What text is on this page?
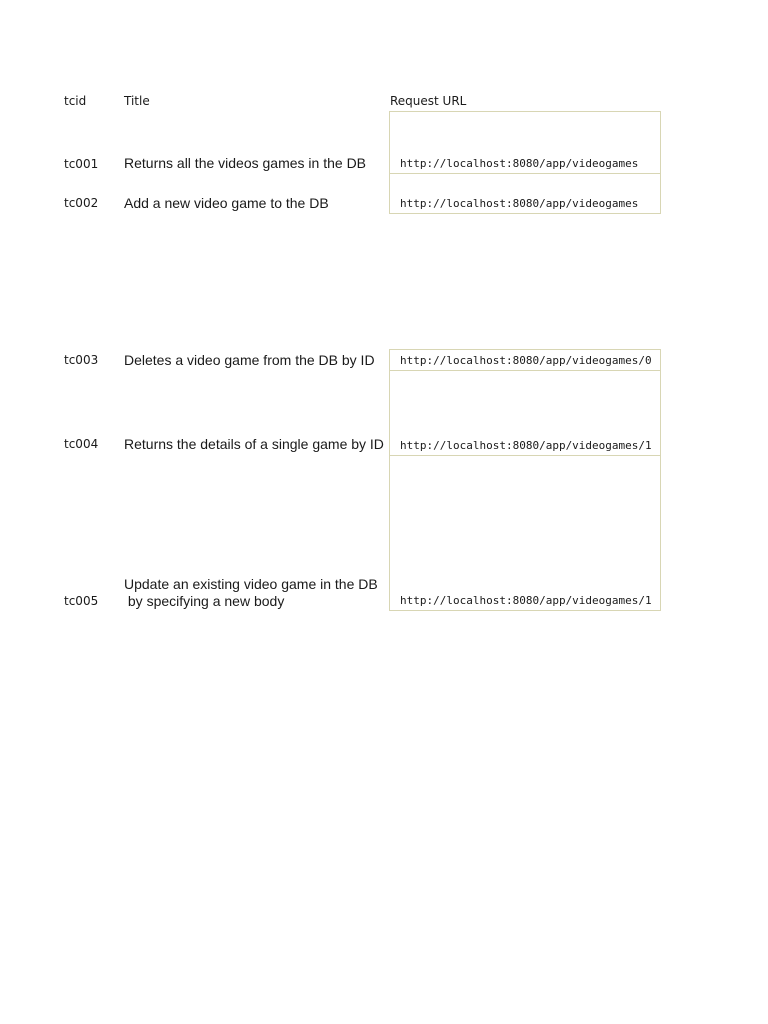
tcid	Title	Request URL
http://localhost:8080/app/videogames
tc001 Returns all the videos games in the DB
http://localhost:8080/app/videogames
tc002 Add a new video game to the DB
http://localhost:8080/app/videogames/0
tc003 Deletes a video game from the DB by ID
http://localhost:8080/app/videogames/1
tc004 Returns the details of a single game by ID
http://localhost:8080/app/videogames/1
tc005
Update an existing video game in the DB
by specifying a new body
